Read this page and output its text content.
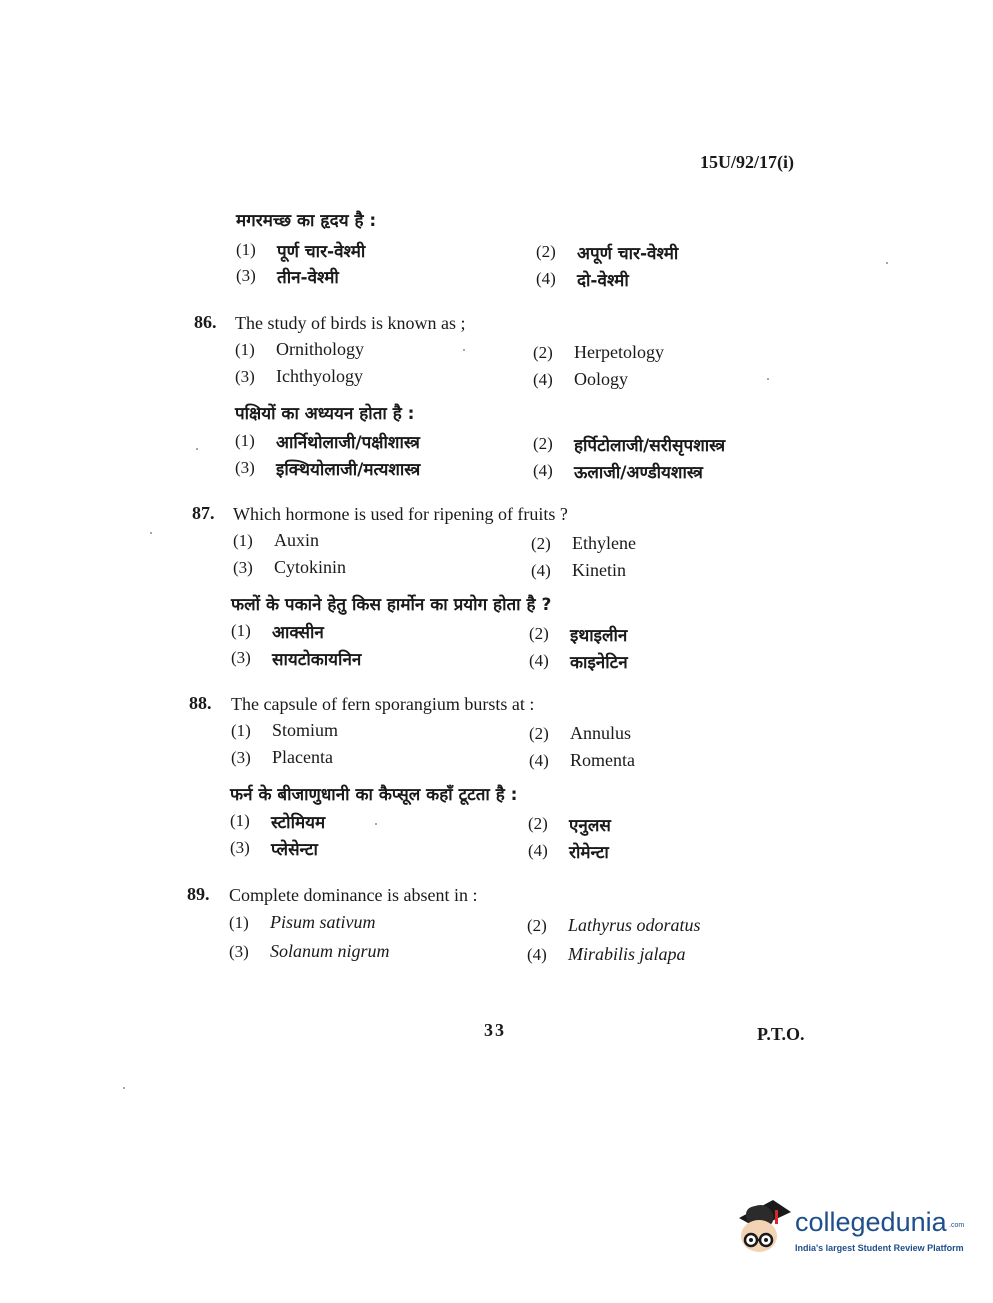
15U/92/17(i)
मगरमच्छ का हृदय है :
(1) पूर्ण चार-वेश्मी	(2) अपूर्ण चार-वेश्मी
(3) तीन-वेश्मी	(4) दो-वेश्मी
86. The study of birds is known as ;
(1) Ornithology	(2) Herpetology
(3) Ichthyology	(4) Oology
पक्षियों का अध्ययन होता है :
(1) आर्निथोलाजी/पक्षीशास्त्र	(2) हर्पिटोलाजी/सरीसृपशास्त्र
(3) इक्थियोलाजी/मत्यशास्त्र	(4) ऊलाजी/अण्डीयशास्त्र
87. Which hormone is used for ripening of fruits ?
(1) Auxin	(2) Ethylene
(3) Cytokinin	(4) Kinetin
फलों के पकाने हेतु किस हार्मोन का प्रयोग होता है ?
(1) आक्सीन	(2) इथाइलीन
(3) सायटोकायनिन	(4) काइनेटिन
88. The capsule of fern sporangium bursts at :
(1) Stomium	(2) Annulus
(3) Placenta	(4) Romenta
फर्न के बीजाणुधानी का कैप्सूल कहाँ टूटता है :
(1) स्टोमियम	(2) एनुलस
(3) प्लेसेन्टा	(4) रोमेन्टा
89. Complete dominance is absent in :
(1) Pisum sativum	(2) Lathyrus odoratus
(3) Solanum nigrum	(4) Mirabilis jalapa
33	P.T.O.
collegedunia .com
India's largest Student Review Platform
